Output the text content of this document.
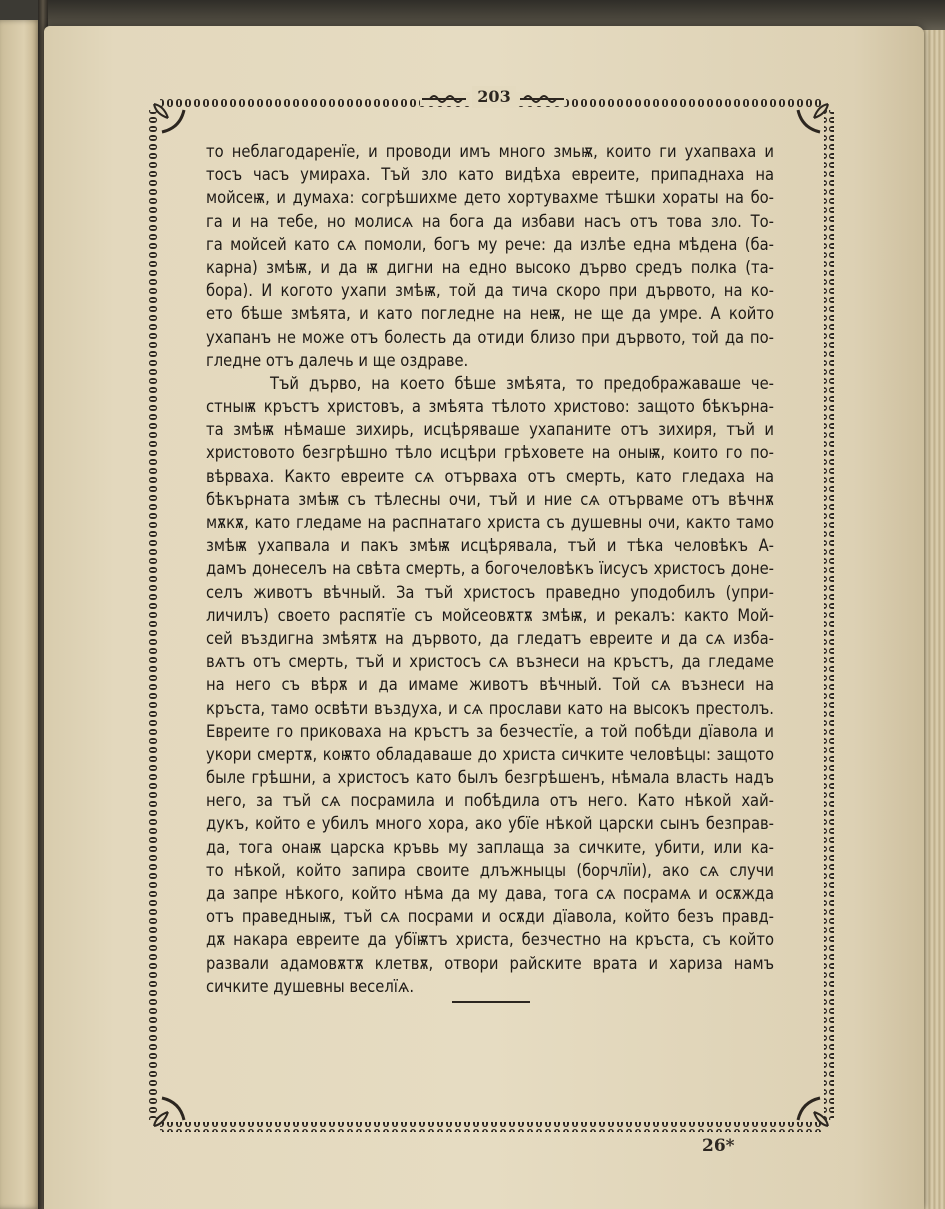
203
то неблагодаренїе, и проводи имъ много змьѭ, които ги ухапваха и
тосъ часъ умираха. Тъй зло като видѣха евреите, припаднаха на
мойсеѭ, и думаха: согрѣшихме дето хортувахме тѣшки хораты на бо-
га и на тебе, но молисѧ на бога да избави насъ отъ това зло. То-
га мойсей като сѧ помоли, богъ му рече: да излѣе една мѣдена (ба-
карна) змѣѭ, и да ѭ дигни на едно высоко дърво средъ полка (та-
бора). И когото ухапи змѣѭ, той да тича скоро при дървото, на ко-
ето бѣше змѣята, и като погледне на неѭ, не ще да умре. А който
ухапанъ не може отъ болесть да отиди близо при дървото, той да по-
гледне отъ далечь и ще оздраве.
Тъй дърво, на което бѣше змѣята, то предображаваше че-
стныѭ кръстъ христовъ, а змѣята тѣлото христово: защото бѣкърна-
та змѣѭ нѣмаше зихирь, исцѣряваше ухапаните отъ зихиря, тъй и
христовото безгрѣшно тѣло исцѣри грѣховете на оныѭ, които го по-
вѣрваха. Както евреите сѧ отърваха отъ смерть, като гледаха на
бѣкърната змѣѭ съ тѣлесны очи, тъй и ние сѧ отърваме отъ вѣчнѫ
мѫкѫ, като гледаме на распнатаго христа съ душевны очи, както тамо
змѣѭ ухапвала и пакъ змѣѭ исцѣрявала, тъй и тѣка человѣкъ А-
дамъ донеселъ на свѣта смерть, а богочеловѣкъ їисусъ христосъ доне-
селъ животъ вѣчный. За тъй христосъ праведно уподобилъ (упри-
личилъ) своето распятїе съ мойсеовѫтѫ змѣѭ, и рекалъ: както Мой-
сей въздигна змѣятѫ на дървото, да гледатъ евреите и да сѧ изба-
вѧтъ отъ смерть, тъй и христосъ сѧ възнеси на кръстъ, да гледаме
на него съ вѣрѫ и да имаме животъ вѣчный. Той сѧ възнеси на
кръста, тамо освѣти въздуха, и сѧ прослави като на высокъ престолъ.
Евреите го приковаха на кръстъ за безчестїе, а той побѣди дїавола и
укори смертѫ, коѭто обладаваше до христа сичките человѣцы: защото
быле грѣшни, а христосъ като былъ безгрѣшенъ, нѣмала власть надъ
него, за тъй сѧ посрамила и побѣдила отъ него. Като нѣкой хай-
дукъ, който е убилъ много хора, ако убїе нѣкой царски сынъ безправ-
да, тога онаѭ царска кръвь му заплаща за сичките, убити, или ка-
то нѣкой, който запира своите длъжныцы (борчлїи), ако сѧ случи
да запре нѣкого, който нѣма да му дава, тога сѧ посрамѧ и осѫжда
отъ праведныѭ, тъй сѧ посрами и осѫди дїавола, който безъ правд-
дѫ накара евреите да убїѭтъ христа, безчестно на кръста, съ който
развали адамовѫтѫ клетвѫ, отвори райските врата и хариза намъ
сичките душевны веселїѧ.
26*
